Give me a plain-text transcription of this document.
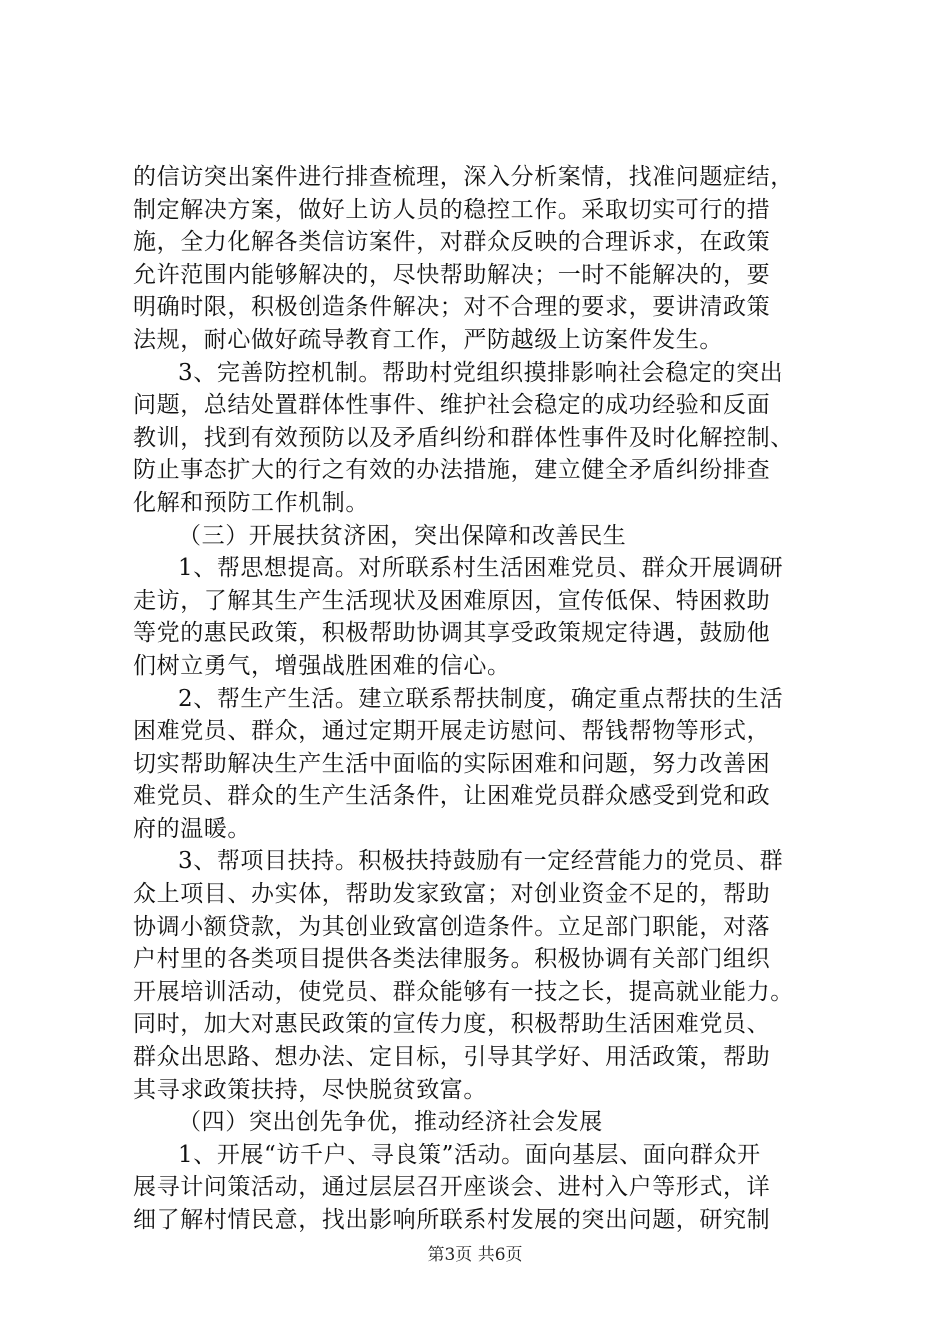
的信访突出案件进行排查梳理，深入分析案情，找准问题症结，
制定解决方案，做好上访人员的稳控工作。采取切实可行的措
施，全力化解各类信访案件，对群众反映的合理诉求，在政策
允许范围内能够解决的，尽快帮助解决；一时不能解决的，要
明确时限，积极创造条件解决；对不合理的要求，要讲清政策
法规，耐心做好疏导教育工作，严防越级上访案件发生。
3、完善防控机制。帮助村党组织摸排影响社会稳定的突出
问题，总结处置群体性事件、维护社会稳定的成功经验和反面
教训，找到有效预防以及矛盾纠纷和群体性事件及时化解控制、
防止事态扩大的行之有效的办法措施，建立健全矛盾纠纷排查
化解和预防工作机制。
（三）开展扶贫济困，突出保障和改善民生
1、帮思想提高。对所联系村生活困难党员、群众开展调研
走访，了解其生产生活现状及困难原因，宣传低保、特困救助
等党的惠民政策，积极帮助协调其享受政策规定待遇，鼓励他
们树立勇气，增强战胜困难的信心。
2、帮生产生活。建立联系帮扶制度，确定重点帮扶的生活
困难党员、群众，通过定期开展走访慰问、帮钱帮物等形式，
切实帮助解决生产生活中面临的实际困难和问题，努力改善困
难党员、群众的生产生活条件，让困难党员群众感受到党和政
府的温暖。
3、帮项目扶持。积极扶持鼓励有一定经营能力的党员、群
众上项目、办实体，帮助发家致富；对创业资金不足的，帮助
协调小额贷款，为其创业致富创造条件。立足部门职能，对落
户村里的各类项目提供各类法律服务。积极协调有关部门组织
开展培训活动，使党员、群众能够有一技之长，提高就业能力。
同时，加大对惠民政策的宣传力度，积极帮助生活困难党员、
群众出思路、想办法、定目标，引导其学好、用活政策，帮助
其寻求政策扶持，尽快脱贫致富。
（四）突出创先争优，推动经济社会发展
1、开展“访千户、寻良策”活动。面向基层、面向群众开
展寻计问策活动，通过层层召开座谈会、进村入户等形式，详
细了解村情民意，找出影响所联系村发展的突出问题，研究制
第3页 共6页
